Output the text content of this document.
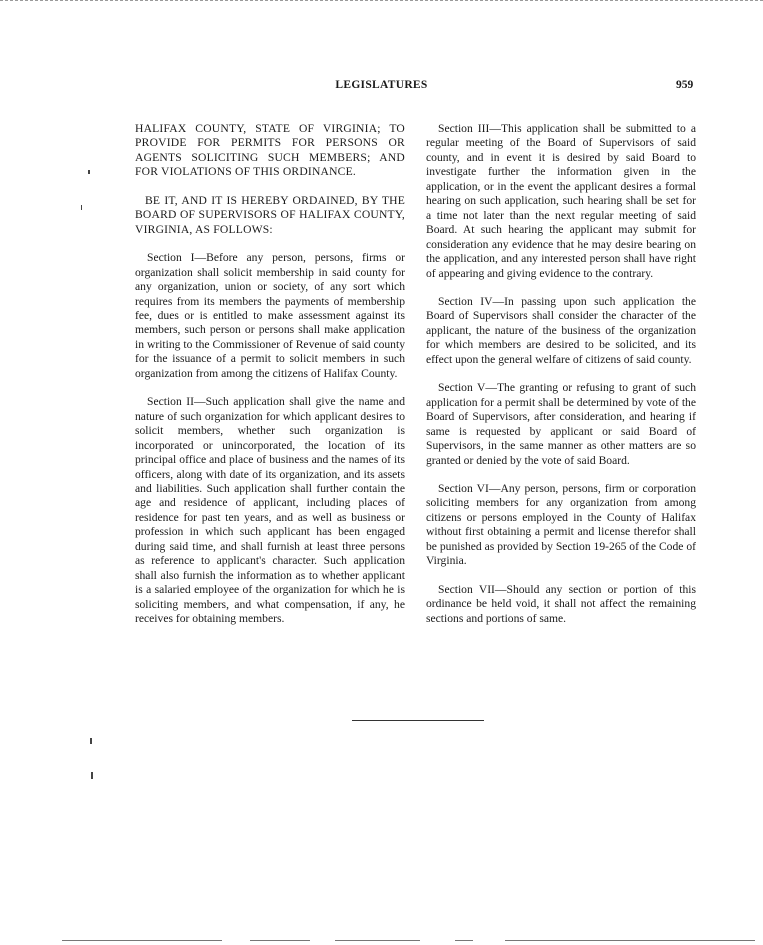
LEGISLATURES	959

HALIFAX COUNTY, STATE OF VIRGINIA; TO PROVIDE FOR PERMITS FOR PERSONS OR AGENTS SOLICITING SUCH MEMBERS; AND FOR VIOLATIONS OF THIS ORDINANCE.

BE IT, AND IT IS HEREBY ORDAINED, BY THE BOARD OF SUPERVISORS OF HALIFAX COUNTY, VIRGINIA, AS FOLLOWS:

Section I—Before any person, persons, firms or organization shall solicit membership in said county for any organization, union or society, of any sort which requires from its members the payments of membership fee, dues or is entitled to make assessment against its members, such person or persons shall make application in writing to the Commissioner of Revenue of said county for the issuance of a permit to solicit members in such organization from among the citizens of Halifax County.

Section II—Such application shall give the name and nature of such organization for which applicant desires to solicit members, whether such organization is incorporated or unincorporated, the location of its principal office and place of business and the names of its officers, along with date of its organization, and its assets and liabilities. Such application shall further contain the age and residence of applicant, including places of residence for past ten years, and as well as business or profession in which such applicant has been engaged during said time, and shall furnish at least three persons as reference to applicant's character. Such application shall also furnish the information as to whether applicant is a salaried employee of the organization for which he is soliciting members, and what compensation, if any, he receives for obtaining members.

Section III—This application shall be submitted to a regular meeting of the Board of Supervisors of said county, and in event it is desired by said Board to investigate further the information given in the application, or in the event the applicant desires a formal hearing on such application, such hearing shall be set for a time not later than the next regular meeting of said Board. At such hearing the applicant may submit for consideration any evidence that he may desire bearing on the application, and any interested person shall have right of appearing and giving evidence to the contrary.

Section IV—In passing upon such application the Board of Supervisors shall consider the character of the applicant, the nature of the business of the organization for which members are desired to be solicited, and its effect upon the general welfare of citizens of said county.

Section V—The granting or refusing to grant of such application for a permit shall be determined by vote of the Board of Supervisors, after consideration, and hearing if same is requested by applicant or said Board of Supervisors, in the same manner as other matters are so granted or denied by the vote of said Board.

Section VI—Any person, persons, firm or corporation soliciting members for any organization from among citizens or persons employed in the County of Halifax without first obtaining a permit and license therefor shall be punished as provided by Section 19-265 of the Code of Virginia.

Section VII—Should any section or portion of this ordinance be held void, it shall not affect the remaining sections and portions of same.
